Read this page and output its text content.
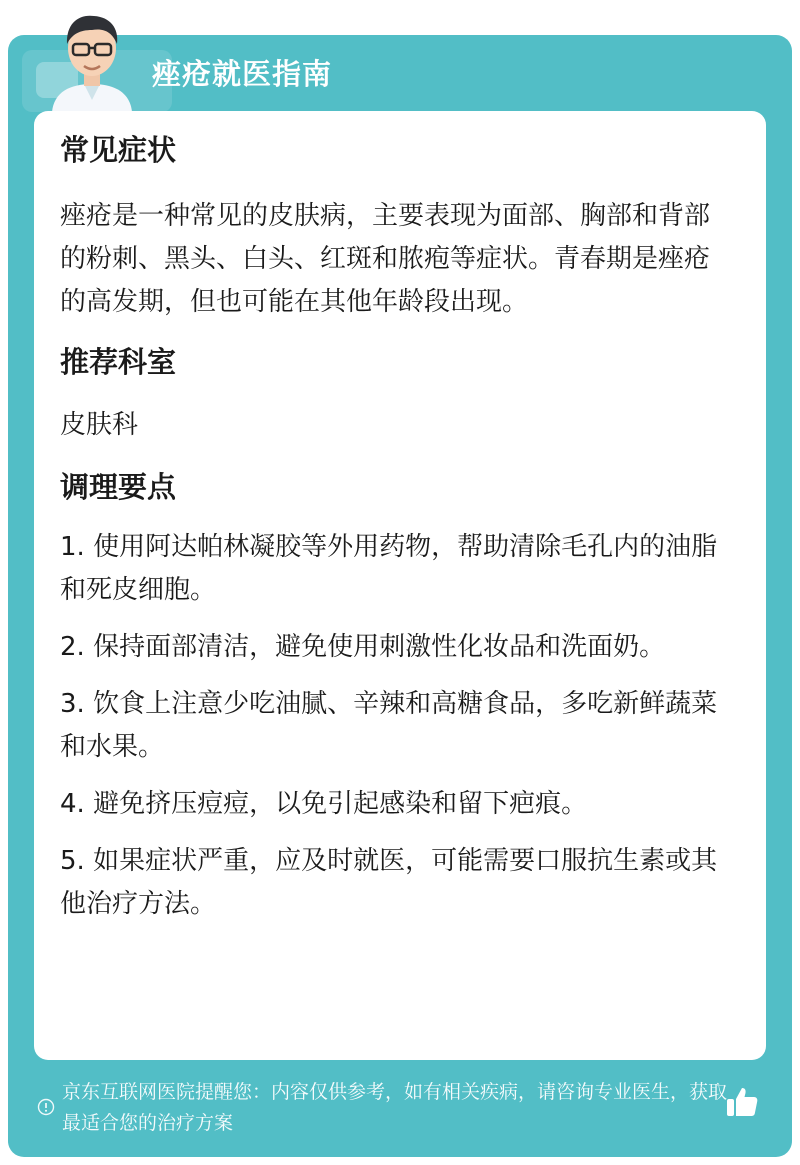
痤疮就医指南
常见症状
痤疮是一种常见的皮肤病，主要表现为面部、胸部和背部的粉刺、黑头、白头、红斑和脓疱等症状。青春期是痤疮的高发期，但也可能在其他年龄段出现。
推荐科室
皮肤科
调理要点
1. 使用阿达帕林凝胶等外用药物，帮助清除毛孔内的油脂和死皮细胞。
2. 保持面部清洁，避免使用刺激性化妆品和洗面奶。
3. 饮食上注意少吃油腻、辛辣和高糖食品，多吃新鲜蔬菜和水果。
4. 避免挤压痘痘，以免引起感染和留下疤痕。
5. 如果症状严重，应及时就医，可能需要口服抗生素或其他治疗方法。
京东互联网医院提醒您：内容仅供参考，如有相关疾病，请咨询专业医生，获取最适合您的治疗方案
